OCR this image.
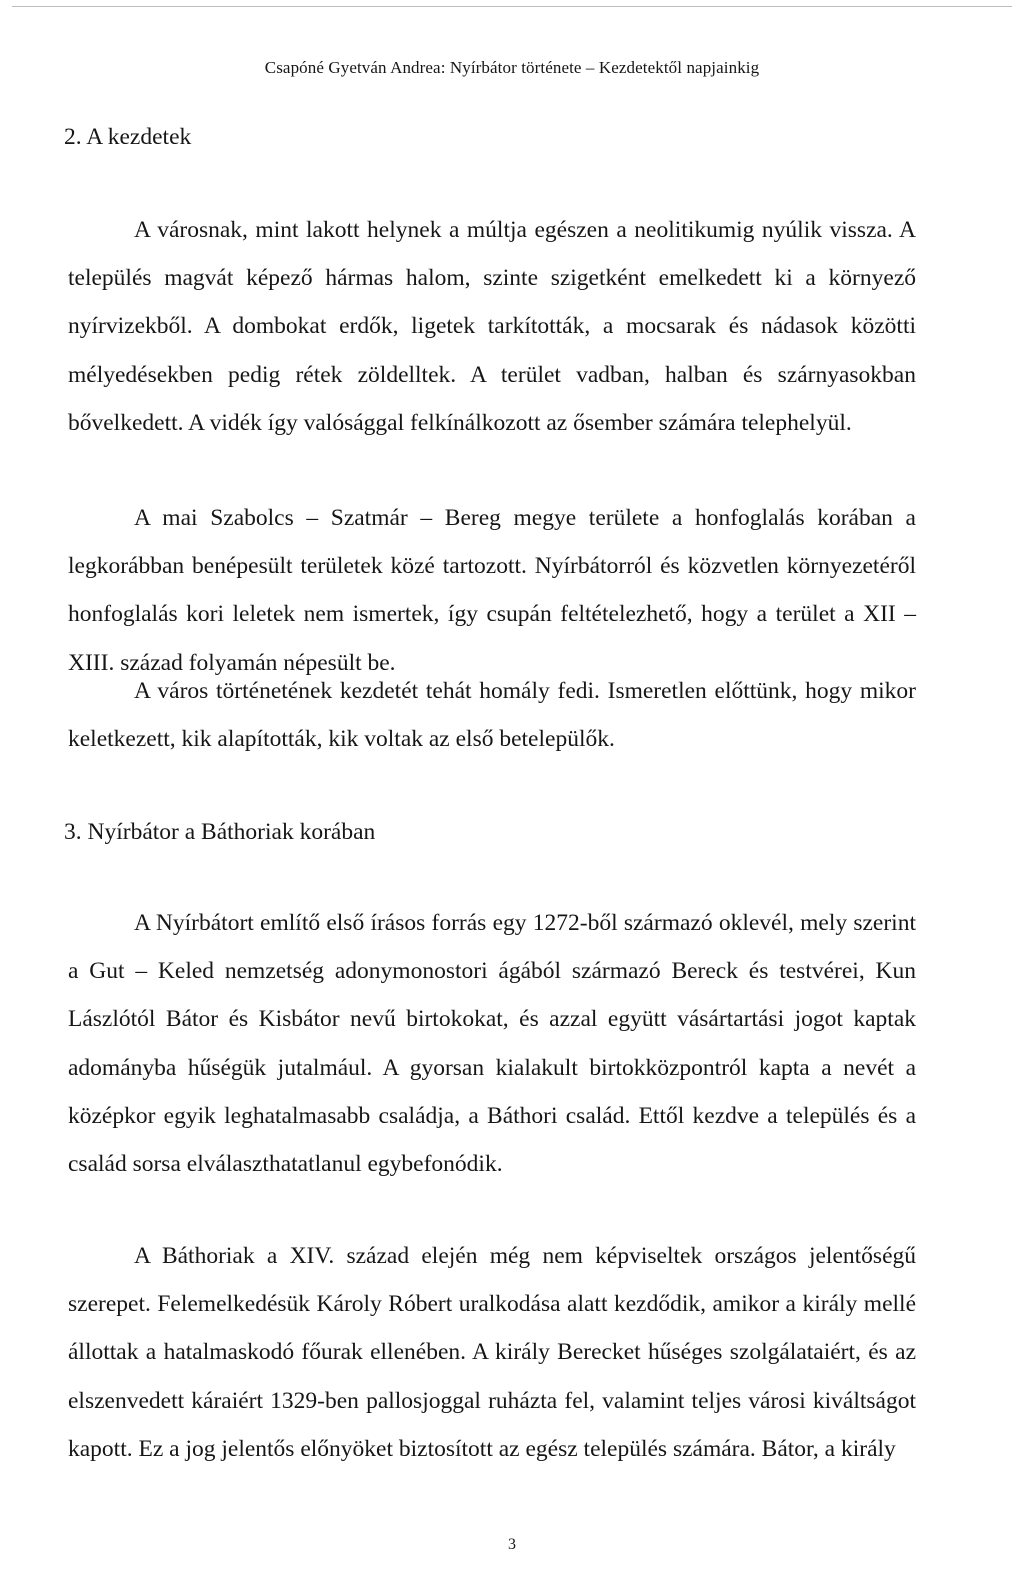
Csapóné Gyetván Andrea: Nyírbátor története – Kezdetektől napjainkig
2. A kezdetek

A városnak, mint lakott helynek a múltja egészen a neolitikumig nyúlik vissza. A település magvát képező hármas halom, szinte szigetként emelkedett ki a környező nyírvizekből. A dombokat erdők, ligetek tarkították, a mocsarak és nádasok közötti mélyedésekben pedig rétek zöldelltek. A terület vadban, halban és szárnyasokban bővelkedett. A vidék így valósággal felkínálkozott az ősember számára telephelyül.

A mai Szabolcs – Szatmár – Bereg megye területe a honfoglalás korában a legkorábban benépesült területek közé tartozott. Nyírbátorról és közvetlen környezetéről honfoglalás kori leletek nem ismertek, így csupán feltételezhető, hogy a terület a XII – XIII. század folyamán népesült be.

A város történetének kezdetét tehát homály fedi. Ismeretlen előttünk, hogy mikor keletkezett, kik alapították, kik voltak az első betelepülők.

3. Nyírbátor a Báthoriak korában

A Nyírbátort említő első írásos forrás egy 1272-ből származó oklevél, mely szerint a Gut – Keled nemzetség adonymonostori ágából származó Bereck és testvérei, Kun Lászlótól Bátor és Kisbátor nevű birtokokat, és azzal együtt vásártartási jogot kaptak adományba hűségük jutalmául. A gyorsan kialakult birtokközpontról kapta a nevét a középkor egyik leghatalmasabb családja, a Báthori család. Ettől kezdve a település és a család sorsa elválaszthatatlanul egybefonódik.

A Báthoriak a XIV. század elején még nem képviseltek országos jelentőségű szerepet. Felemelkedésük Károly Róbert uralkodása alatt kezdődik, amikor a király mellé állottak a hatalmaskodó főurak ellenében. A király Berecket hűséges szolgálataiért, és az elszenvedett káraiért 1329-ben pallosjoggal ruházta fel, valamint teljes városi kiváltságot kapott. Ez a jog jelentős előnyöket biztosított az egész település számára. Bátor, a király

3
